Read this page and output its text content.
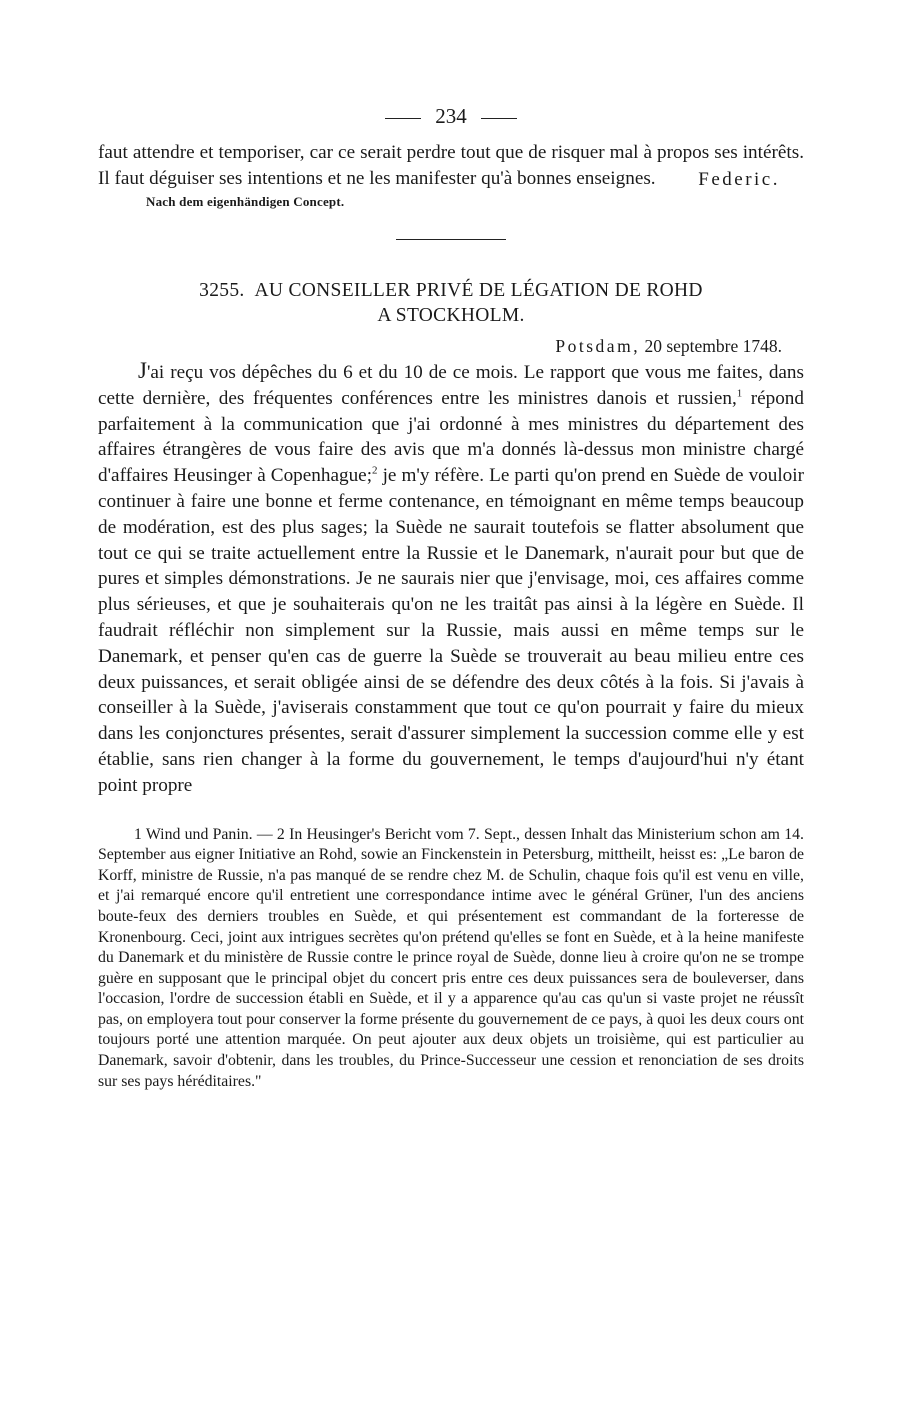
234

faut attendre et temporiser, car ce serait perdre tout que de risquer mal à propos ses intérêts. Il faut déguiser ses intentions et ne les manifester qu'à bonnes enseignes.	Federic.
Nach dem eigenhändigen Concept.
3255. AU CONSEILLER PRIVÉ DE LÉGATION DE ROHD
A STOCKHOLM.
Potsdam, 20 septembre 1748.

J'ai reçu vos dépêches du 6 et du 10 de ce mois. Le rapport que vous me faites, dans cette dernière, des fréquentes conférences entre les ministres danois et russien,$^1$ répond parfaitement à la communication que j'ai ordonné à mes ministres du département des affaires étrangères de vous faire des avis que m'a donnés là-dessus mon ministre chargé d'affaires Heusinger à Copenhague;$^2$ je m'y réfère. Le parti qu'on prend en Suède de vouloir continuer à faire une bonne et ferme contenance, en témoignant en même temps beaucoup de modération, est des plus sages; la Suède ne saurait toutefois se flatter absolument que tout ce qui se traite actuellement entre la Russie et le Danemark, n'aurait pour but que de pures et simples démonstrations. Je ne saurais nier que j'envisage, moi, ces affaires comme plus sérieuses, et que je souhaiterais qu'on ne les traitât pas ainsi à la légère en Suède. Il faudrait réfléchir non simplement sur la Russie, mais aussi en même temps sur le Danemark, et penser qu'en cas de guerre la Suède se trouverait au beau milieu entre ces deux puissances, et serait obligée ainsi de se défendre des deux côtés à la fois. Si j'avais à conseiller à la Suède, j'aviserais constamment que tout ce qu'on pourrait y faire du mieux dans les conjonctures présentes, serait d'assurer simplement la succession comme elle y est établie, sans rien changer à la forme du gouvernement, le temps d'aujourd'hui n'y étant point propre

1 Wind und Panin. — 2 In Heusinger's Bericht vom 7. Sept., dessen Inhalt das Ministerium schon am 14. September aus eigner Initiative an Rohd, sowie an Finckenstein in Petersburg, mittheilt, heisst es: „Le baron de Korff, ministre de Russie, n'a pas manqué de se rendre chez M. de Schulin, chaque fois qu'il est venu en ville, et j'ai remarqué encore qu'il entretient une correspondance intime avec le général Grüner, l'un des anciens boute-feux des derniers troubles en Suède, et qui présentement est commandant de la forteresse de Kronenbourg. Ceci, joint aux intrigues secrètes qu'on prétend qu'elles se font en Suède, et à la heine manifeste du Danemark et du ministère de Russie contre le prince royal de Suède, donne lieu à croire qu'on ne se trompe guère en supposant que le principal objet du concert pris entre ces deux puissances sera de bouleverser, dans l'occasion, l'ordre de succession établi en Suède, et il y a apparence qu'au cas qu'un si vaste projet ne réussît pas, on employera tout pour conserver la forme présente du gouvernement de ce pays, à quoi les deux cours ont toujours porté une attention marquée. On peut ajouter aux deux objets un troisième, qui est particulier au Danemark, savoir d'obtenir, dans les troubles, du Prince-Successeur une cession et renonciation de ses droits sur ses pays héréditaires."
